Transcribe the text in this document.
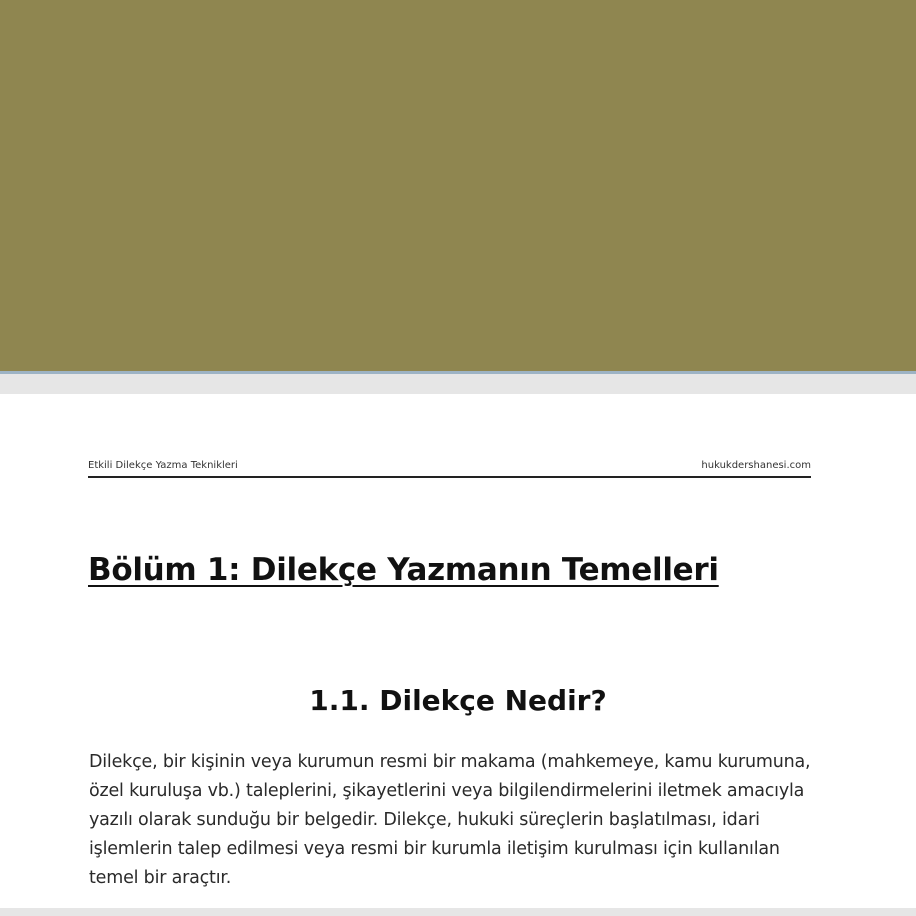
Etkili Dilekçe Yazma Teknikleri	hukukdershanesi.com
Bölüm 1: Dilekçe Yazmanın Temelleri
1.1. Dilekçe Nedir?

Dilekçe, bir kişinin veya kurumun resmi bir makama (mahkemeye, kamu kurumuna, özel kuruluşa vb.) taleplerini, şikayetlerini veya bilgilendirmelerini iletmek amacıyla yazılı olarak sunduğu bir belgedir. Dilekçe, hukuki süreçlerin başlatılması, idari işlemlerin talep edilmesi veya resmi bir kurumla iletişim kurulması için kullanılan temel bir araçtır.
